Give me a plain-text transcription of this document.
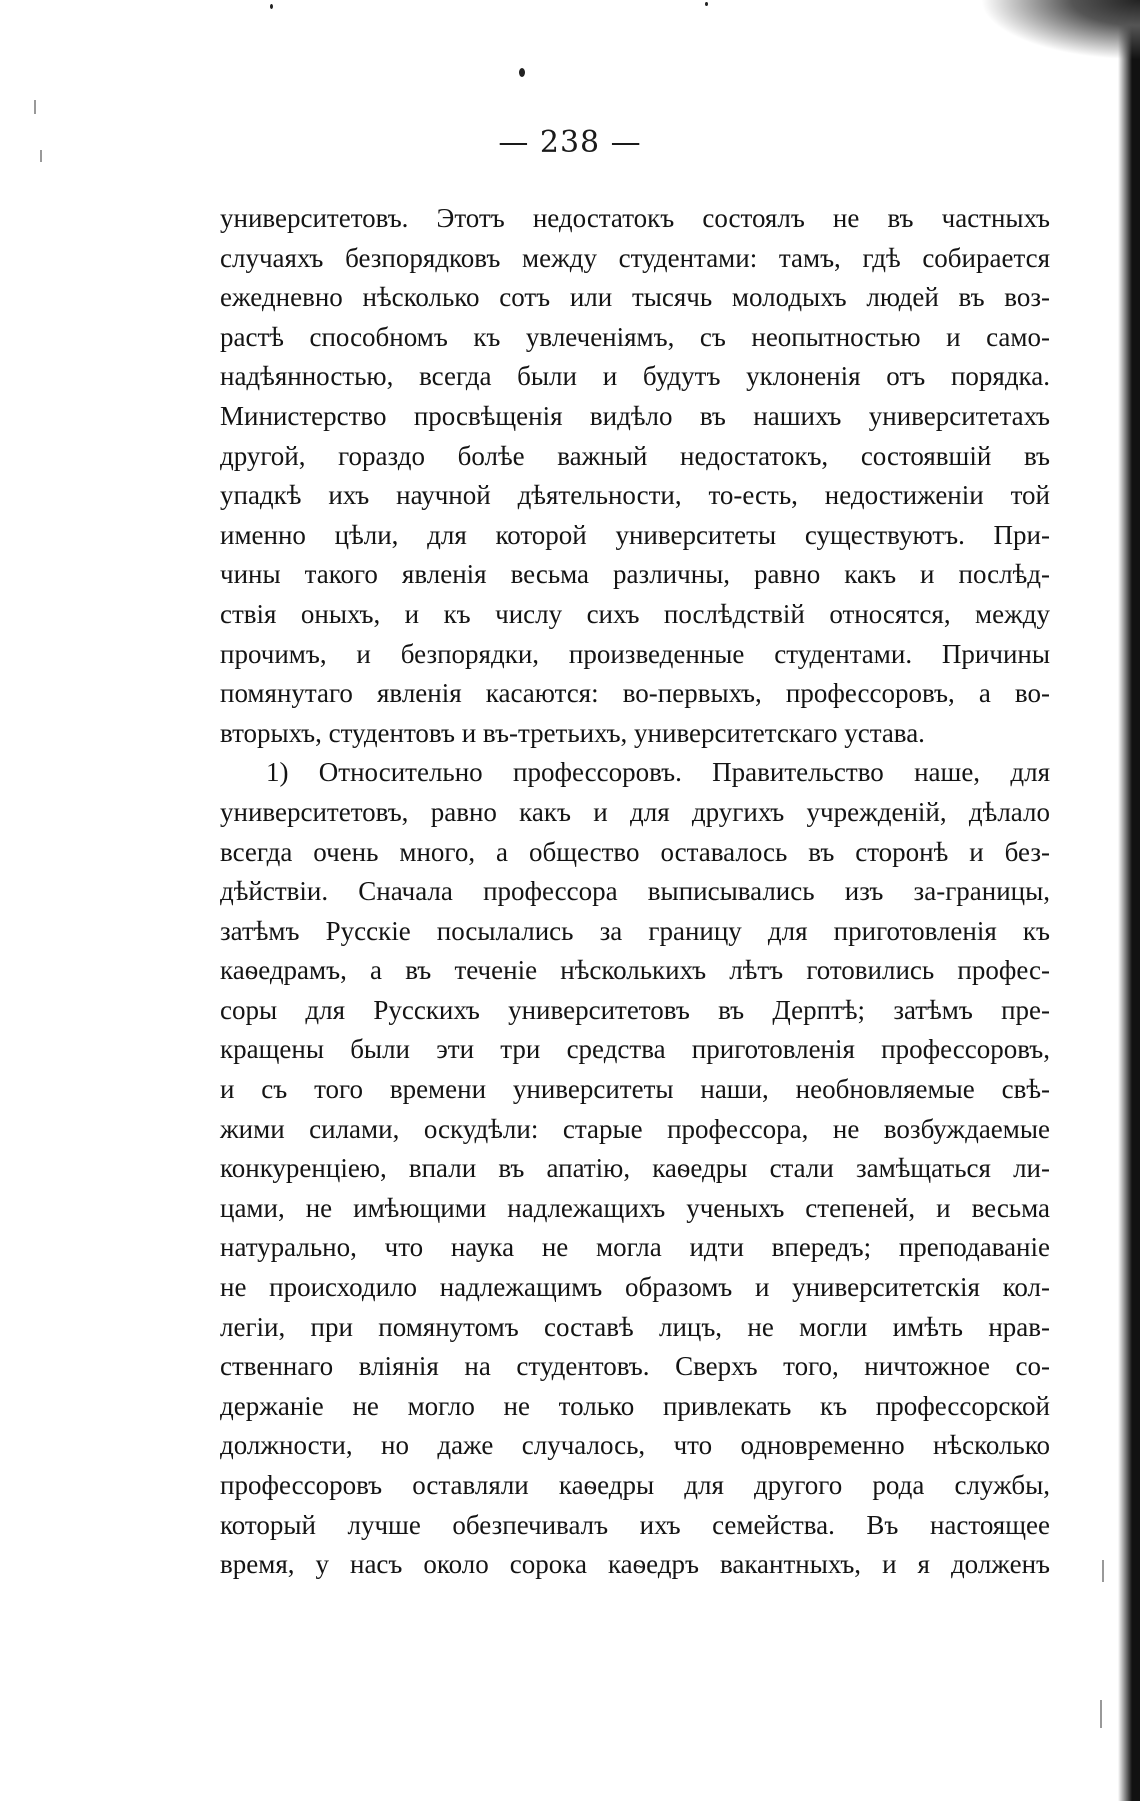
— 238 —
университетовъ. Этотъ недостатокъ состоялъ не въ частныхъ
случаяхъ безпорядковъ между студентами: тамъ, гдѣ собирается
ежедневно нѣсколько сотъ или тысячь молодыхъ людей въ воз-
растѣ способномъ къ увлеченіямъ, съ неопытностью и само-
надѣянностью, всегда были и будутъ уклоненія отъ порядка.
Министерство просвѣщенія видѣло въ нашихъ университетахъ
другой, гораздо болѣе важный недостатокъ, состоявшій въ
упадкѣ ихъ научной дѣятельности, то-есть, недостиженіи той
именно цѣли, для которой университеты существуютъ. При-
чины такого явленія весьма различны, равно какъ и послѣд-
ствія оныхъ, и къ числу сихъ послѣдствій относятся, между
прочимъ, и безпорядки, произведенные студентами. Причины
помянутаго явленія касаются: во-первыхъ, профессоровъ, а во-
вторыхъ, студентовъ и въ-третьихъ, университетскаго устава.
1) Относительно профессоровъ. Правительство наше, для
университетовъ, равно какъ и для другихъ учрежденій, дѣлало
всегда очень много, а общество оставалось въ сторонѣ и без-
дѣйствіи. Сначала профессора выписывались изъ за-границы,
затѣмъ Русскіе посылались за границу для приготовленія къ
каѳедрамъ, а въ теченіе нѣсколькихъ лѣтъ готовились профес-
соры для Русскихъ университетовъ въ Дерптѣ; затѣмъ пре-
кращены были эти три средства приготовленія профессоровъ,
и съ того времени университеты наши, необновляемые свѣ-
жими силами, оскудѣли: старые профессора, не возбуждаемые
конкуренціею, впали въ апатію, каѳедры стали замѣщаться ли-
цами, не имѣющими надлежащихъ ученыхъ степеней, и весьма
натурально, что наука не могла идти впередъ; преподаваніе
не происходило надлежащимъ образомъ и университетскія кол-
легіи, при помянутомъ составѣ лицъ, не могли имѣть нрав-
ственнаго вліянія на студентовъ. Сверхъ того, ничтожное со-
держаніе не могло не только привлекать къ профессорской
должности, но даже случалось, что одновременно нѣсколько
профессоровъ оставляли каѳедры для другого рода службы,
который лучше обезпечивалъ ихъ семейства. Въ настоящее
время, у насъ около сорока каѳедръ вакантныхъ, и я долженъ
